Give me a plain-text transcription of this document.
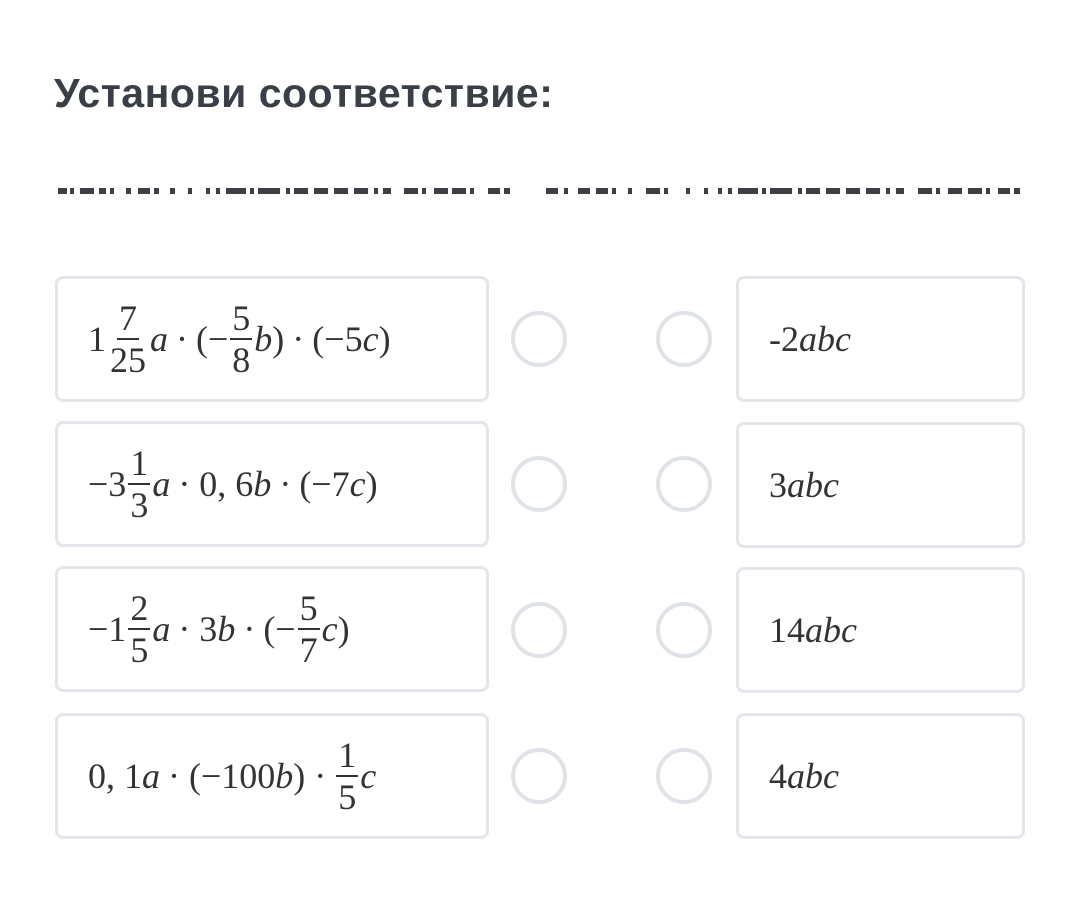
Установи соответствие:
$1 \frac{7}{25}$ a · (− $\frac{5}{8}$ b ) · (−5 c )
$-3 \frac{1}{3}$ a · 0, 6 b · (−7 c )
$-1 \frac{2}{5}$ a · 3 b · (− $\frac{5}{7}$ c )
0, 1 a · (−100 b ) · $\frac{1}{5}$ c
-2 abc
3 abc
14 abc
4 abc
